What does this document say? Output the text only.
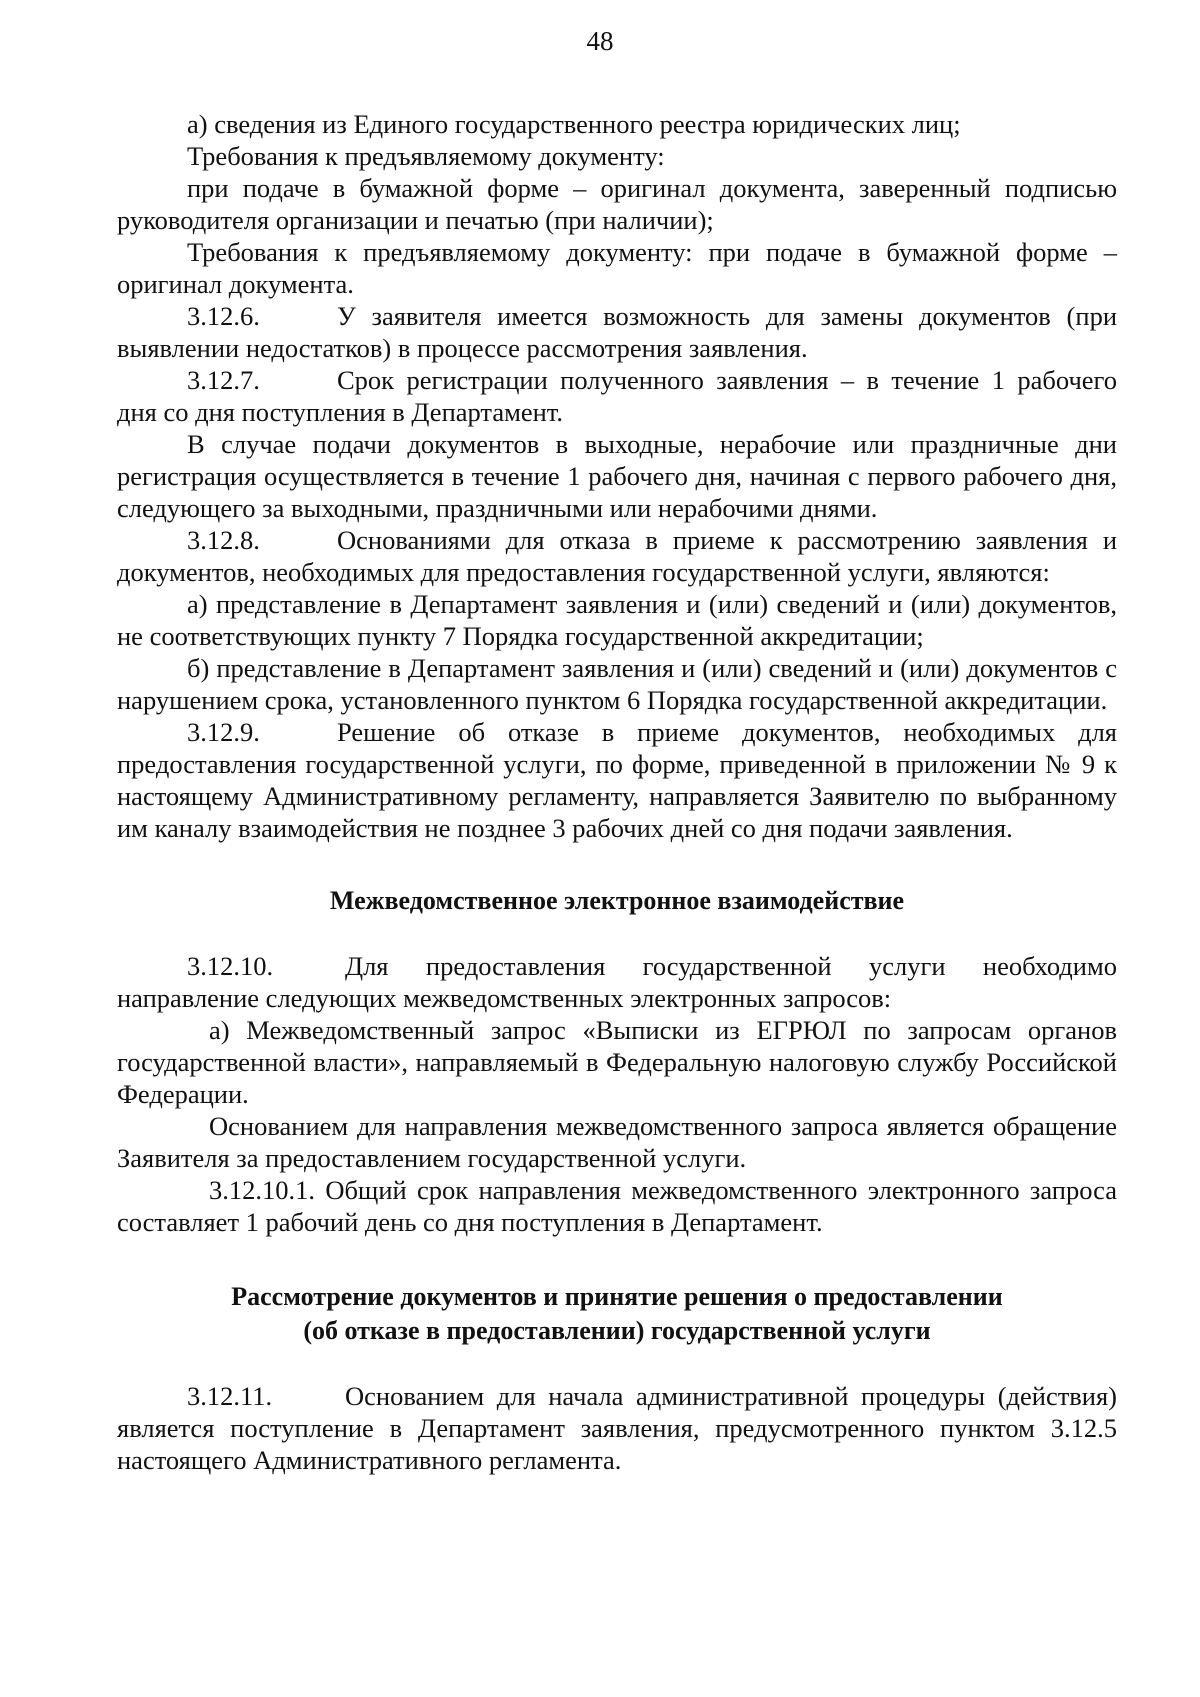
48

а) сведения из Единого государственного реестра юридических лиц;

Требования к предъявляемому документу:

при подаче в бумажной форме – оригинал документа, заверенный подписью руководителя организации и печатью (при наличии);

Требования к предъявляемому документу: при подаче в бумажной форме – оригинал документа.

3.12.6.	У заявителя имеется возможность для замены документов (при выявлении недостатков) в процессе рассмотрения заявления.

3.12.7.	Срок регистрации полученного заявления – в течение 1 рабочего дня со дня поступления в Департамент.

В случае подачи документов в выходные, нерабочие или праздничные дни регистрация осуществляется в течение 1 рабочего дня, начиная с первого рабочего дня, следующего за выходными, праздничными или нерабочими днями.

3.12.8.	Основаниями для отказа в приеме к рассмотрению заявления и документов, необходимых для предоставления государственной услуги, являются:

а) представление в Департамент заявления и (или) сведений и (или) документов, не соответствующих пункту 7 Порядка государственной аккредитации;

б) представление в Департамент заявления и (или) сведений и (или) документов с нарушением срока, установленного пунктом 6 Порядка государственной аккредитации.

3.12.9.	Решение об отказе в приеме документов, необходимых для предоставления государственной услуги, по форме, приведенной в приложении № 9 к настоящему Административному регламенту, направляется Заявителю по выбранному им каналу взаимодействия не позднее 3 рабочих дней со дня подачи заявления.

Межведомственное электронное взаимодействие

3.12.10.	Для предоставления государственной услуги необходимо направление следующих межведомственных электронных запросов:

а) Межведомственный запрос «Выписки из ЕГРЮЛ по запросам органов государственной власти», направляемый в Федеральную налоговую службу Российской Федерации.

Основанием для направления межведомственного запроса является обращение Заявителя за предоставлением государственной услуги.

3.12.10.1. Общий срок направления межведомственного электронного запроса составляет 1 рабочий день со дня поступления в Департамент.

Рассмотрение документов и принятие решения о предоставлении

(об отказе в предоставлении) государственной услуги

3.12.11.	Основанием для начала административной процедуры (действия) является поступление в Департамент заявления, предусмотренного пунктом 3.12.5 настоящего Административного регламента.
